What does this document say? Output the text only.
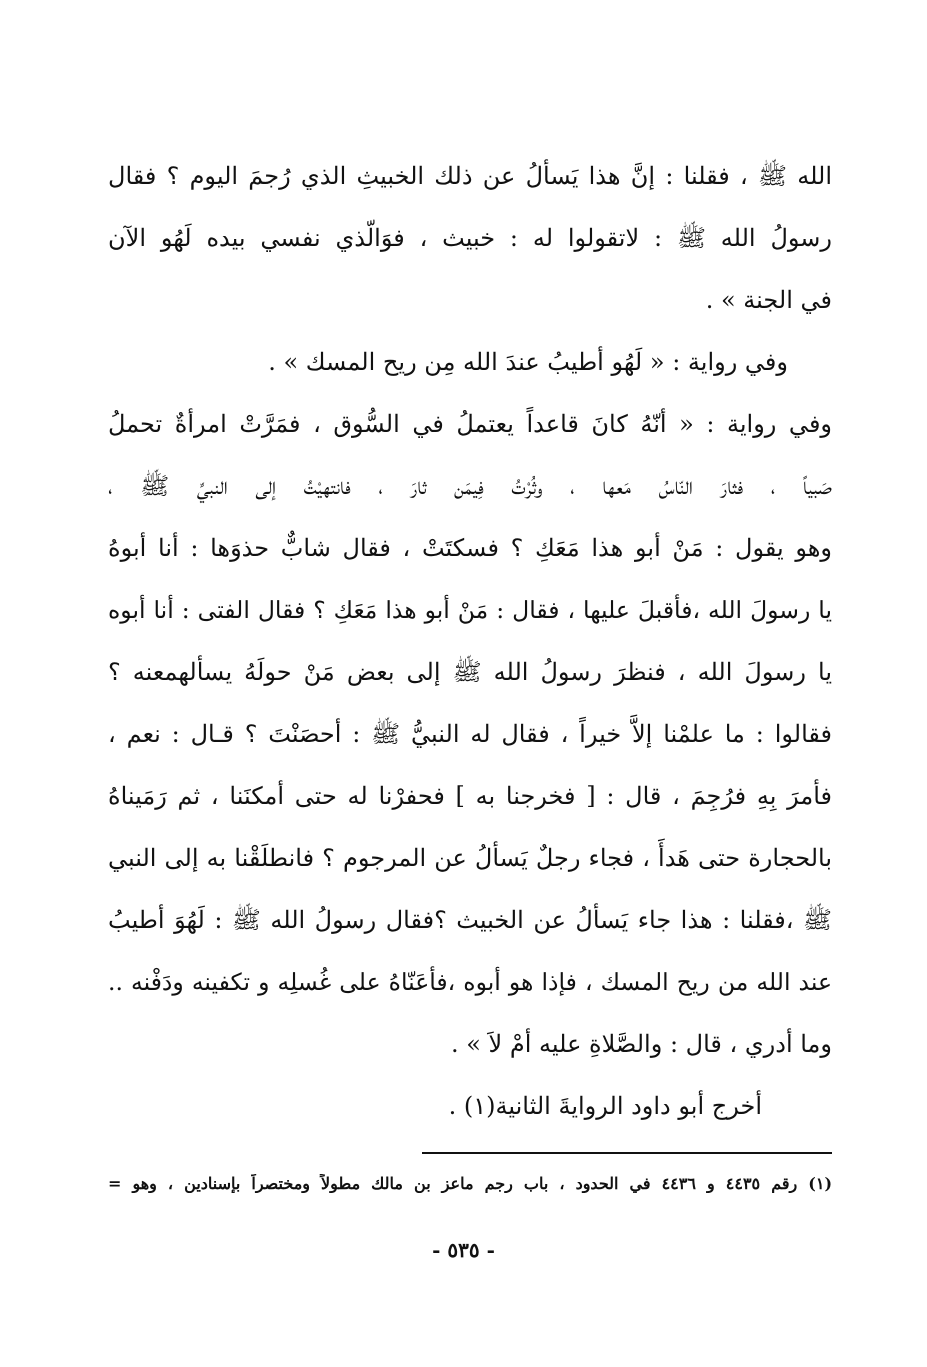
الله ﷺ ، فقلنا : إنَّ هذا يَسألُ عن ذلك الخبيثِ الذي رُجمَ اليوم ؟ فقال
رسولُ الله ﷺ : لاتقولوا له : خبيث ، فوَالّذي نفسي بيده لَهُو الآن
في الجنة » .
وفي رواية : « لَهُو أطيبُ عندَ الله مِن ريح المسك » .
وفي رواية : « أنّهُ كانَ قاعداً يعتملُ في السُّوق ، فمَرَّتْ امرأةٌ تحملُ
صَبياً ، فثارَ النّاسُ مَعها ، وثُرْتُ فِيمَن ثارَ ، فانتهيْتُ إلى النبيِّ ﷺ ،
وهو يقول : مَنْ أبو هذا مَعَكِ ؟ فسكتَتْ ، فقال شابٌّ حذوَها : أنا أبوهُ
يا رسولَ الله ،فأقبلَ عليها ، فقال : مَنْ أبو هذا مَعَكِ ؟ فقال الفتى : أنا أبوه
يا رسولَ الله ، فنظرَ رسولُ الله ﷺ إلى بعض مَنْ حولَهُ يسألهمعنه ؟
فقالوا : ما علمْنا إلاَّ خيراً ، فقال له النبيُّ ﷺ : أحصَنْتَ ؟ قـال : نعم ،
فأمرَ بِهِ فرُجِمَ ، قال : [ فخرجنا به ] فحفرْنا له حتى أمكنَنا ، ثم رَمَيناهُ
بالحجارة حتى هَدأَ ، فجاء رجلٌ يَسألُ عن المرجوم ؟ فانطلَقْنا به إلى النبي
ﷺ ،فقلنا : هذا جاء يَسألُ عن الخبيث ؟فقال رسولُ الله ﷺ : لَهُوَ أطيبُ
عند الله من ريح المسك ، فإذا هو أبوه ،فأعَنّاهُ على غُسلِه و تكفينه ودَفْنه ..
وما أدري ، قال : والصَّلاةِ عليه أمْ لاَ » .
أخرج أبو داود الروايةَ الثانية(١) .
(١) رقم ٤٤٣٥ و ٤٤٣٦ في الحدود ، باب رجم ماعز بن مالك مطولاً ومختصراً بإسنادين ، وهو =
- ٥٣٥ -
